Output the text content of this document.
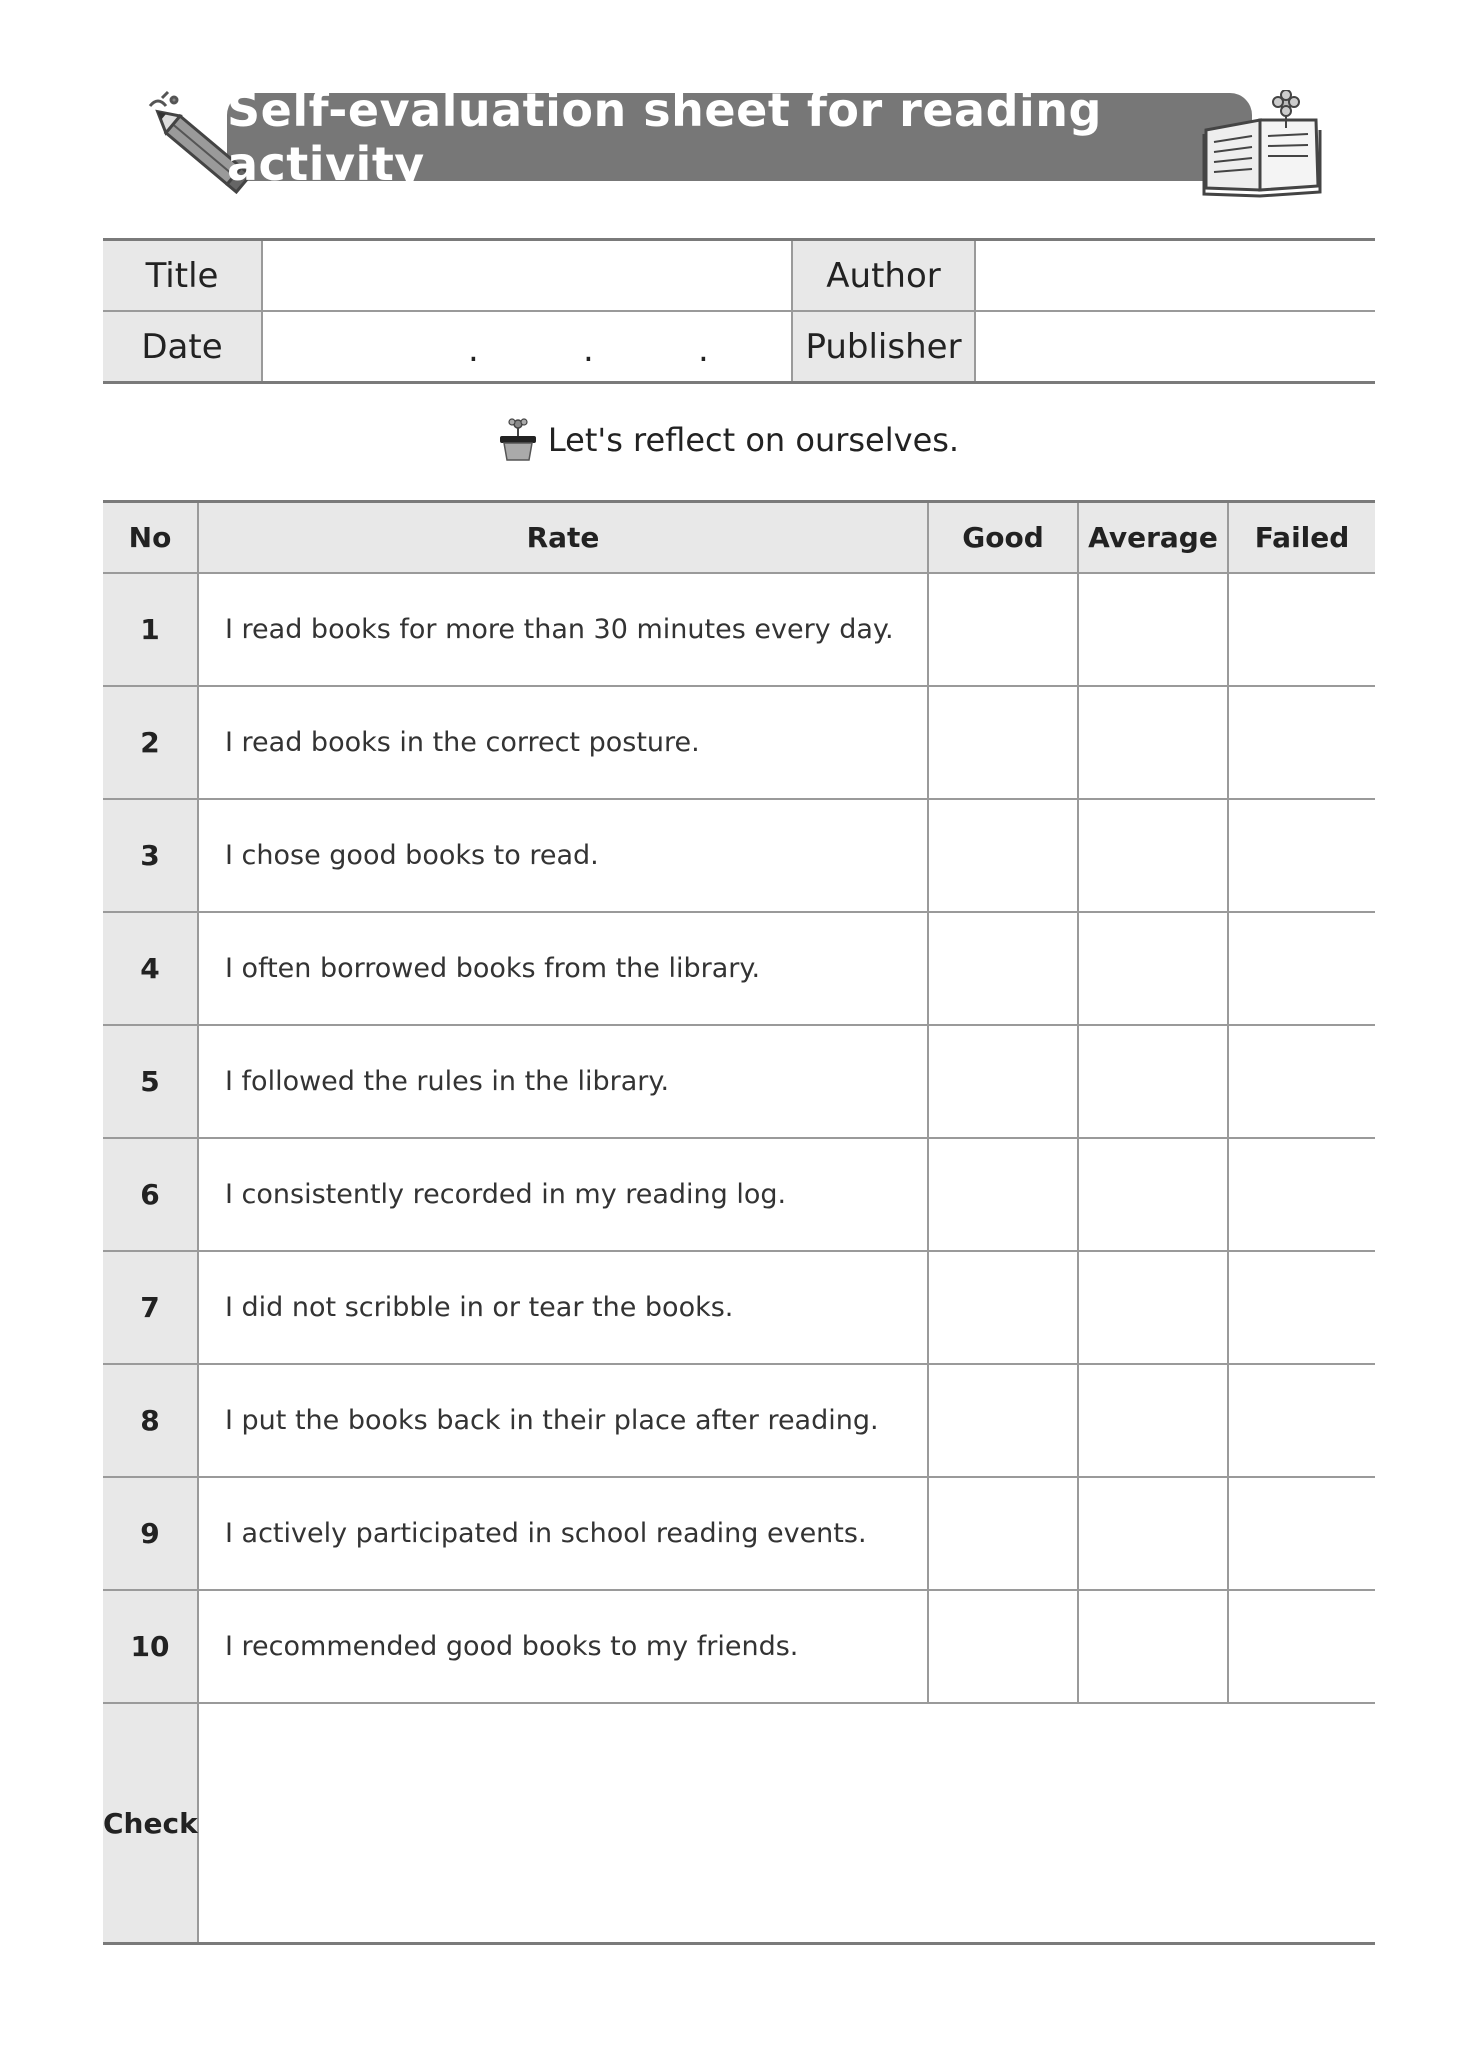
Self-evaluation sheet for reading activity
Title		Author	
Date	. . .	Publisher	
Let's reflect on ourselves.
No	Rate	Good	Average	Failed
1	I read books for more than 30 minutes every day.			
2	I read books in the correct posture.			
3	I chose good books to read.			
4	I often borrowed books from the library.			
5	I followed the rules in the library.			
6	I consistently recorded in my reading log.			
7	I did not scribble in or tear the books.			
8	I put the books back in their place after reading.			
9	I actively participated in school reading events.			
10	I recommended good books to my friends.			
Check				
